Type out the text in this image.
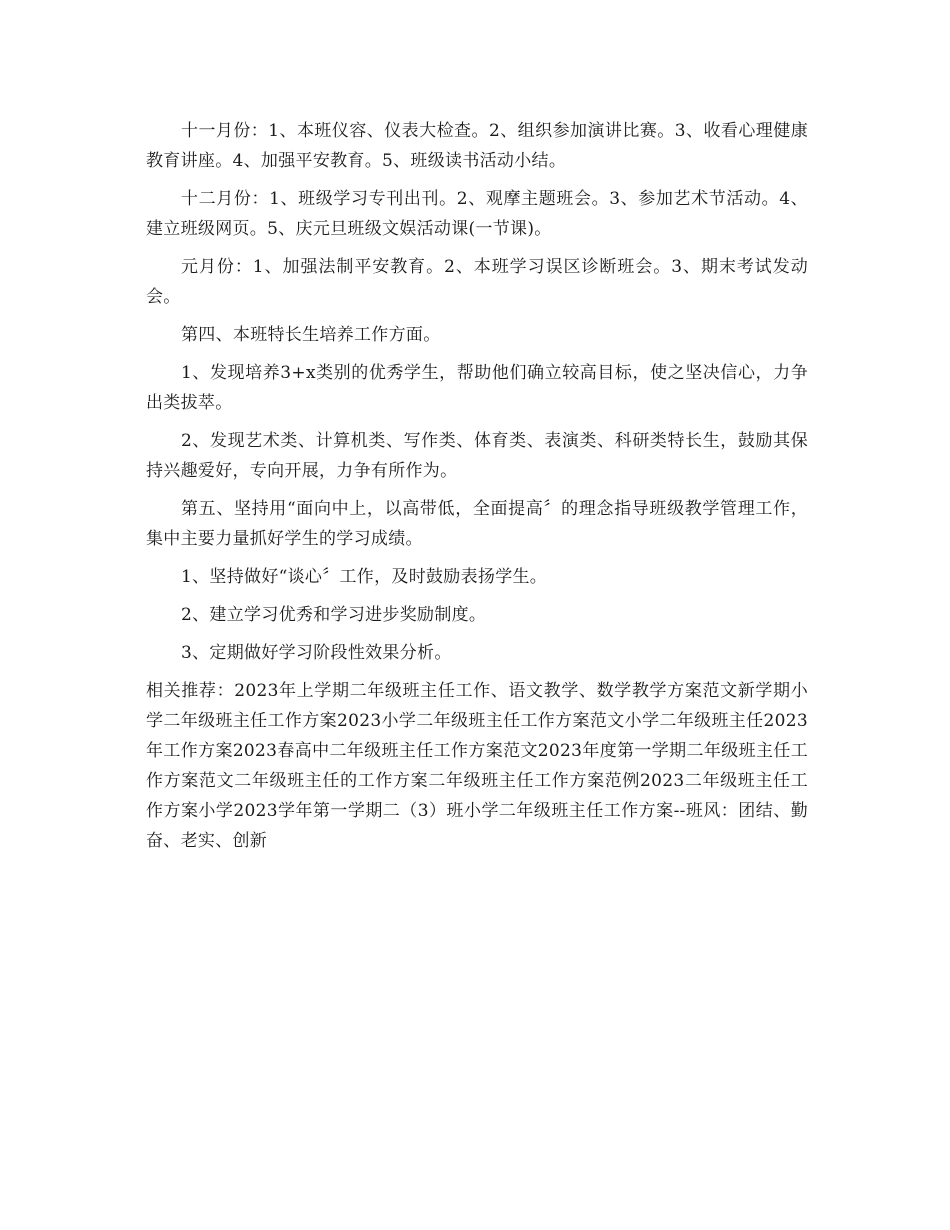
十一月份：1、本班仪容、仪表大检查。2、组织参加演讲比赛。3、收看心理健康教育讲座。4、加强平安教育。5、班级读书活动小结。

十二月份：1、班级学习专刊出刊。2、观摩主题班会。3、参加艺术节活动。4、建立班级网页。5、庆元旦班级文娱活动课(一节课)。

元月份：1、加强法制平安教育。2、本班学习误区诊断班会。3、期末考试发动会。

第四、本班特长生培养工作方面。

1、发现培养3+x类别的优秀学生，帮助他们确立较高目标，使之坚决信心，力争出类拔萃。

2、发现艺术类、计算机类、写作类、体育类、表演类、科研类特长生，鼓励其保持兴趣爱好，专向开展，力争有所作为。

第五、坚持用“面向中上，以高带低，全面提高〞的理念指导班级教学管理工作，集中主要力量抓好学生的学习成绩。

1、坚持做好“谈心〞工作，及时鼓励表扬学生。

2、建立学习优秀和学习进步奖励制度。

3、定期做好学习阶段性效果分析。

相关推荐：2023年上学期二年级班主任工作、语文教学、数学教学方案范文新学期小学二年级班主任工作方案2023小学二年级班主任工作方案范文小学二年级班主任2023年工作方案2023春高中二年级班主任工作方案范文2023年度第一学期二年级班主任工作方案范文二年级班主任的工作方案二年级班主任工作方案范例2023二年级班主任工作方案小学2023学年第一学期二（3）班小学二年级班主任工作方案--班风：团结、勤奋、老实、创新
